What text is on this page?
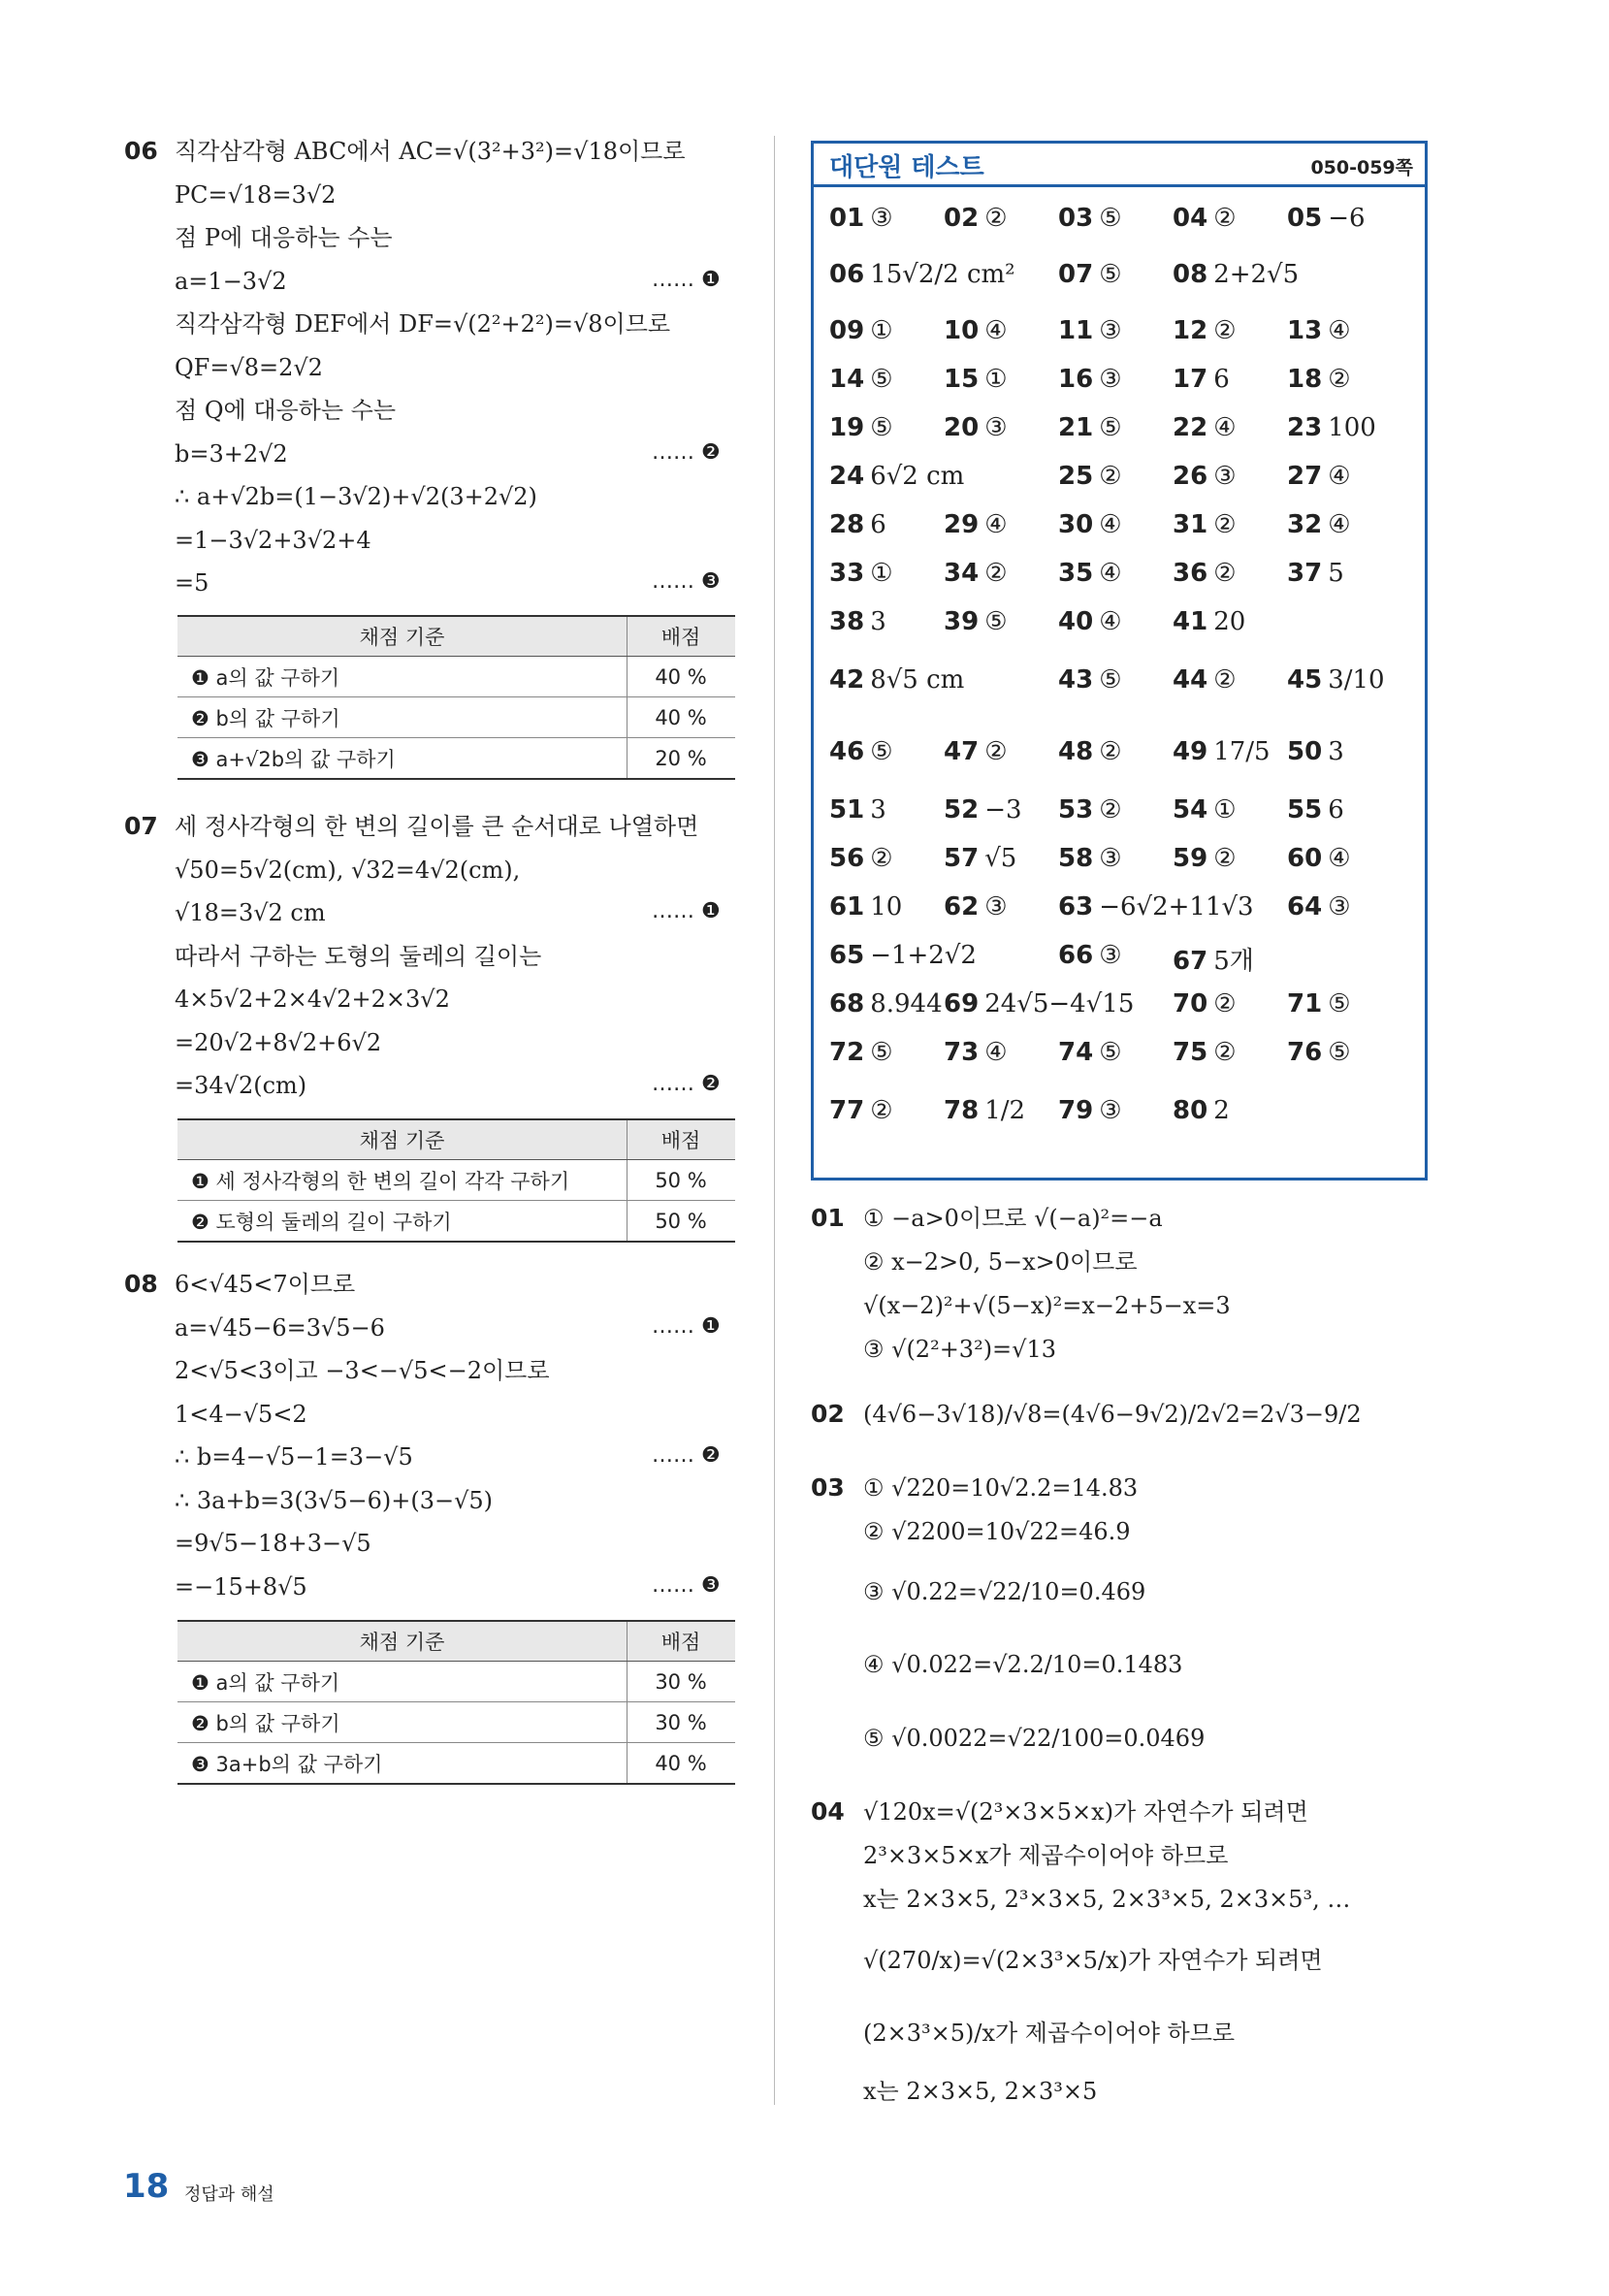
06 직각삼각형 ABC에서 AC=√(3²+3²)=√18이므로
PC=√18=3√2
점 P에 대응하는 수는
a=1−3√2	…… ❶
직각삼각형 DEF에서 DF=√(2²+2²)=√8이므로
QF=√8=2√2
점 Q에 대응하는 수는
b=3+2√2	…… ❷
∴ a+√2b=(1−3√2)+√2(3+2√2)
=1−3√2+3√2+4
=5	…… ❸
채점 기준	배점
❶ a의 값 구하기	40 %
❷ b의 값 구하기	40 %
❸ a+√2b의 값 구하기	20 %
07 세 정사각형의 한 변의 길이를 큰 순서대로 나열하면
√50=5√2(cm), √32=4√2(cm),
√18=3√2 cm	…… ❶
따라서 구하는 도형의 둘레의 길이는
4×5√2+2×4√2+2×3√2
=20√2+8√2+6√2
=34√2(cm)	…… ❷
채점 기준	배점
❶ 세 정사각형의 한 변의 길이 각각 구하기	50 %
❷ 도형의 둘레의 길이 구하기	50 %
08 6<√45<7이므로
a=√45−6=3√5−6	…… ❶
2<√5<3이고 −3<−√5<−2이므로
1<4−√5<2
∴ b=4−√5−1=3−√5	…… ❷
∴ 3a+b=3(3√5−6)+(3−√5)
=9√5−18+3−√5
=−15+8√5	…… ❸
채점 기준	배점
❶ a의 값 구하기	30 %
❷ b의 값 구하기	30 %
❸ 3a+b의 값 구하기	40 %
대단원 테스트	050-059쪽
01 ③ 02 ② 03 ⑤ 04 ② 05 −6
06 15√2/2 cm² 07 ⑤ 08 2+2√5
09 ① 10 ④ 11 ③ 12 ② 13 ④
14 ⑤ 15 ① 16 ③ 17 6 18 ②
19 ⑤ 20 ③ 21 ⑤ 22 ④ 23 100
24 6√2 cm	25 ② 26 ③ 27 ④
28 6 29 ④ 30 ④ 31 ② 32 ④
33 ① 34 ② 35 ④ 36 ② 37 5
38 3 39 ⑤ 40 ④ 41 20
42 8√5 cm	43 ⑤ 44 ② 45 3/10
46 ⑤ 47 ② 48 ② 49 17/5 50 3
51 3 52 −3 53 ② 54 ① 55 6
56 ② 57 √5 58 ③ 59 ② 60 ④
61 10 62 ③ 63 −6√2+11√3 64 ③
65 −1+2√2	66 ③ 67 5개
68 8.944 69 24√5−4√15 70 ② 71 ⑤
72 ⑤ 73 ④ 74 ⑤ 75 ② 76 ⑤
77 ② 78 1/2 79 ③ 80 2
01 ① −a>0이므로 √(−a)²=−a
② x−2>0, 5−x>0이므로
√(x−2)²+√(5−x)²=x−2+5−x=3
③ √(2²+3²)=√13
02 (4√6−3√18)/√8=(4√6−9√2)/2√2=2√3−9/2
03 ① √220=10√2.2=14.83
② √2200=10√22=46.9
③ √0.22=√22/10=0.469
④ √0.022=√2.2/10=0.1483
⑤ √0.0022=√22/100=0.0469
04 √120x=√(2³×3×5×x)가 자연수가 되려면
2³×3×5×x가 제곱수이어야 하므로
x는 2×3×5, 2³×3×5, 2×3³×5, 2×3×5³, …
√(270/x)=√(2×3³×5/x)가 자연수가 되려면
(2×3³×5)/x가 제곱수이어야 하므로
x는 2×3×5, 2×3³×5
18 정답과 해설
